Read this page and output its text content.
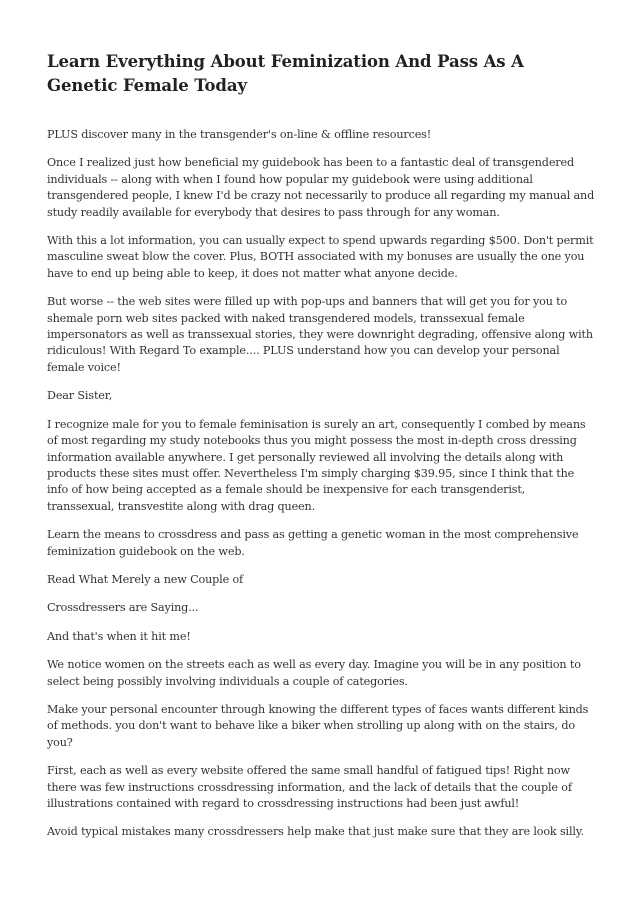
Learn Everything About Feminization And Pass As A Genetic Female Today

PLUS discover many in the transgender's on-line & offline resources!

Once I realized just how beneficial my guidebook has been to a fantastic deal of transgendered individuals -- along with when I found how popular my guidebook were using additional transgendered people, I knew I'd be crazy not necessarily to produce all regarding my manual and study readily available for everybody that desires to pass through for any woman.

With this a lot information, you can usually expect to spend upwards regarding $500. Don't permit masculine sweat blow the cover. Plus, BOTH associated with my bonuses are usually the one you have to end up being able to keep, it does not matter what anyone decide.

But worse -- the web sites were filled up with pop-ups and banners that will get you for you to shemale porn web sites packed with naked transgendered models, transsexual female impersonators as well as transsexual stories, they were downright degrading, offensive along with ridiculous! With Regard To example.... PLUS understand how you can develop your personal female voice!

Dear Sister,

I recognize male for you to female feminisation is surely an art, consequently I combed by means of most regarding my study notebooks thus you might possess the most in-depth cross dressing information available anywhere. I get personally reviewed all involving the details along with products these sites must offer. Nevertheless I'm simply charging $39.95, since I think that the info of how being accepted as a female should be inexpensive for each transgenderist, transsexual, transvestite along with drag queen.

Learn the means to crossdress and pass as getting a genetic woman in the most comprehensive feminization guidebook on the web.

Read What Merely a new Couple of

Crossdressers are Saying...

And that's when it hit me!

We notice women on the streets each as well as every day. Imagine you will be in any position to select being possibly involving individuals a couple of categories.

Make your personal encounter through knowing the different types of faces wants different kinds of methods. you don't want to behave like a biker when strolling up along with on the stairs, do you?

First, each as well as every website offered the same small handful of fatigued tips! Right now there was few instructions crossdressing information, and the lack of details that the couple of illustrations contained with regard to crossdressing instructions had been just awful!

Avoid typical mistakes many crossdressers help make that just make sure that they are look silly.
